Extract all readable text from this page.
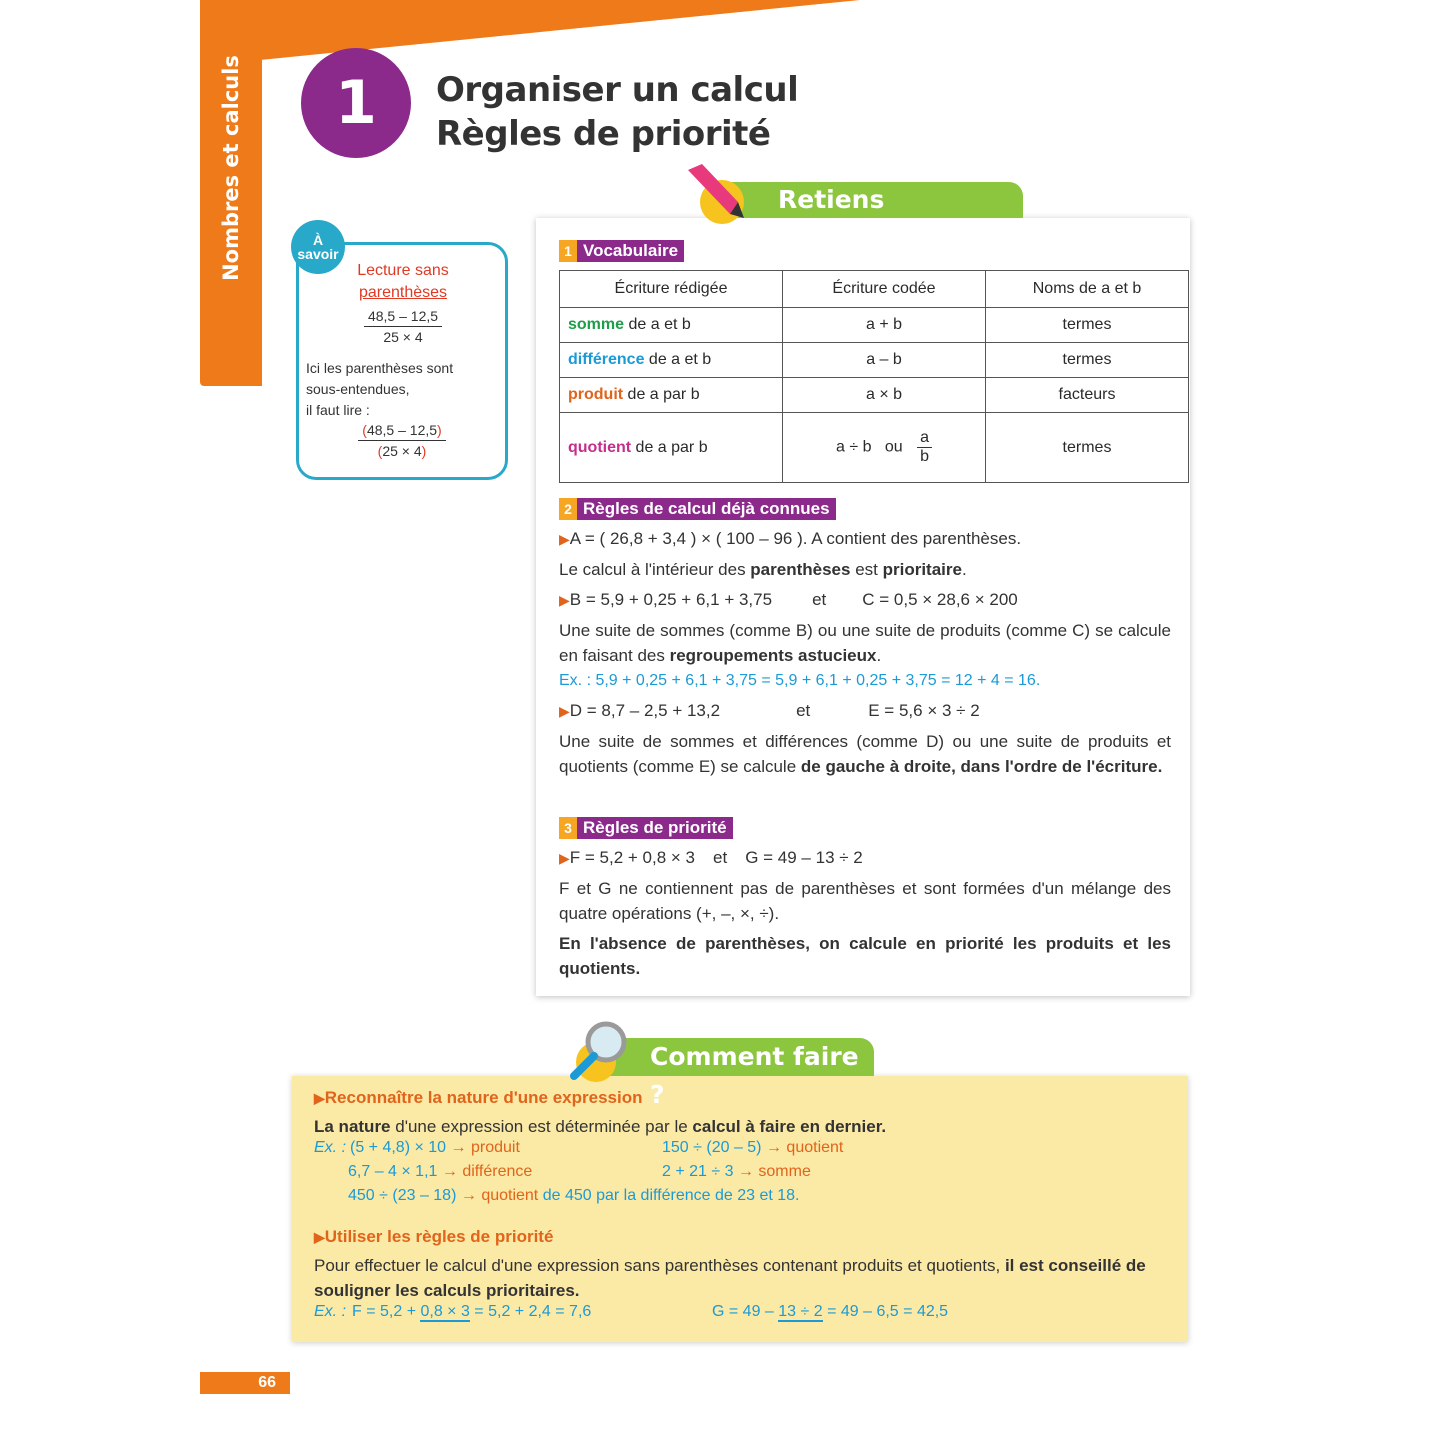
Nombres et calculs	1	Organiser un calcul
Règles de priorité
À
savoir
Lecture sans
parenthèses
$\frac{48,5 - 12,5}{25 \times 4}$
Ici les parenthèses sont
sous-entendues,
il faut lire :
$\frac{(48,5 - 12,5)}{(25 \times 4)}$
Retiens l'essentiel
1 Vocabulaire
Écriture rédigée	Écriture codée	Noms de a et b
somme de a et b	a + b	termes
différence de a et b	a – b	termes
produit de a par b	a × b	facteurs
quotient de a par b	a ÷ b   ou $\frac{a}{b}$	termes
2 Règles de calcul déjà connues
▶A = ( 26,8 + 3,4 ) × ( 100 – 96 ). A contient des parenthèses.
Le calcul à l'intérieur des parenthèses est prioritaire.
▶B = 5,9 + 0,25 + 6,1 + 3,75 et C = 0,5 × 28,6 × 200
Une suite de sommes (comme B) ou une suite de produits (comme C) se calcule en faisant des regroupements astucieux.
Ex. : 5,9 + 0,25 + 6,1 + 3,75 = 5,9 + 6,1 + 0,25 + 3,75 = 12 + 4 = 16.
▶D = 8,7 – 2,5 + 13,2	et	E = 5,6 × 3 ÷ 2
Une suite de sommes et différences (comme D) ou une suite de produits et quotients (comme E) se calcule de gauche à droite, dans l'ordre de l'écriture.
3 Règles de priorité
▶F = 5,2 + 0,8 × 3 et G = 49 – 13 ÷ 2
F et G ne contiennent pas de parenthèses et sont formées d'un mélange des quatre opérations (+, –, ×, ÷).
En l'absence de parenthèses, on calcule en priorité les produits et les quotients.
Comment faire ?
▶Reconnaître la nature d'une expression
La nature d'une expression est déterminée par le calcul à faire en dernier.
Ex. : (5 + 4,8) × 10 → produit	150 ÷ (20 – 5) → quotient
6,7 – 4 × 1,1 → différence	2 + 21 ÷ 3 → somme
450 ÷ (23 – 18) → quotient de 450 par la différence de 23 et 18.
▶Utiliser les règles de priorité
Pour effectuer le calcul d'une expression sans parenthèses contenant produits et quotients, il est conseillé de souligner les calculs prioritaires.
Ex. : F = 5,2 + 0,8 × 3 = 5,2 + 2,4 = 7,6	G = 49 – 13 ÷ 2 = 49 – 6,5 = 42,5
66
